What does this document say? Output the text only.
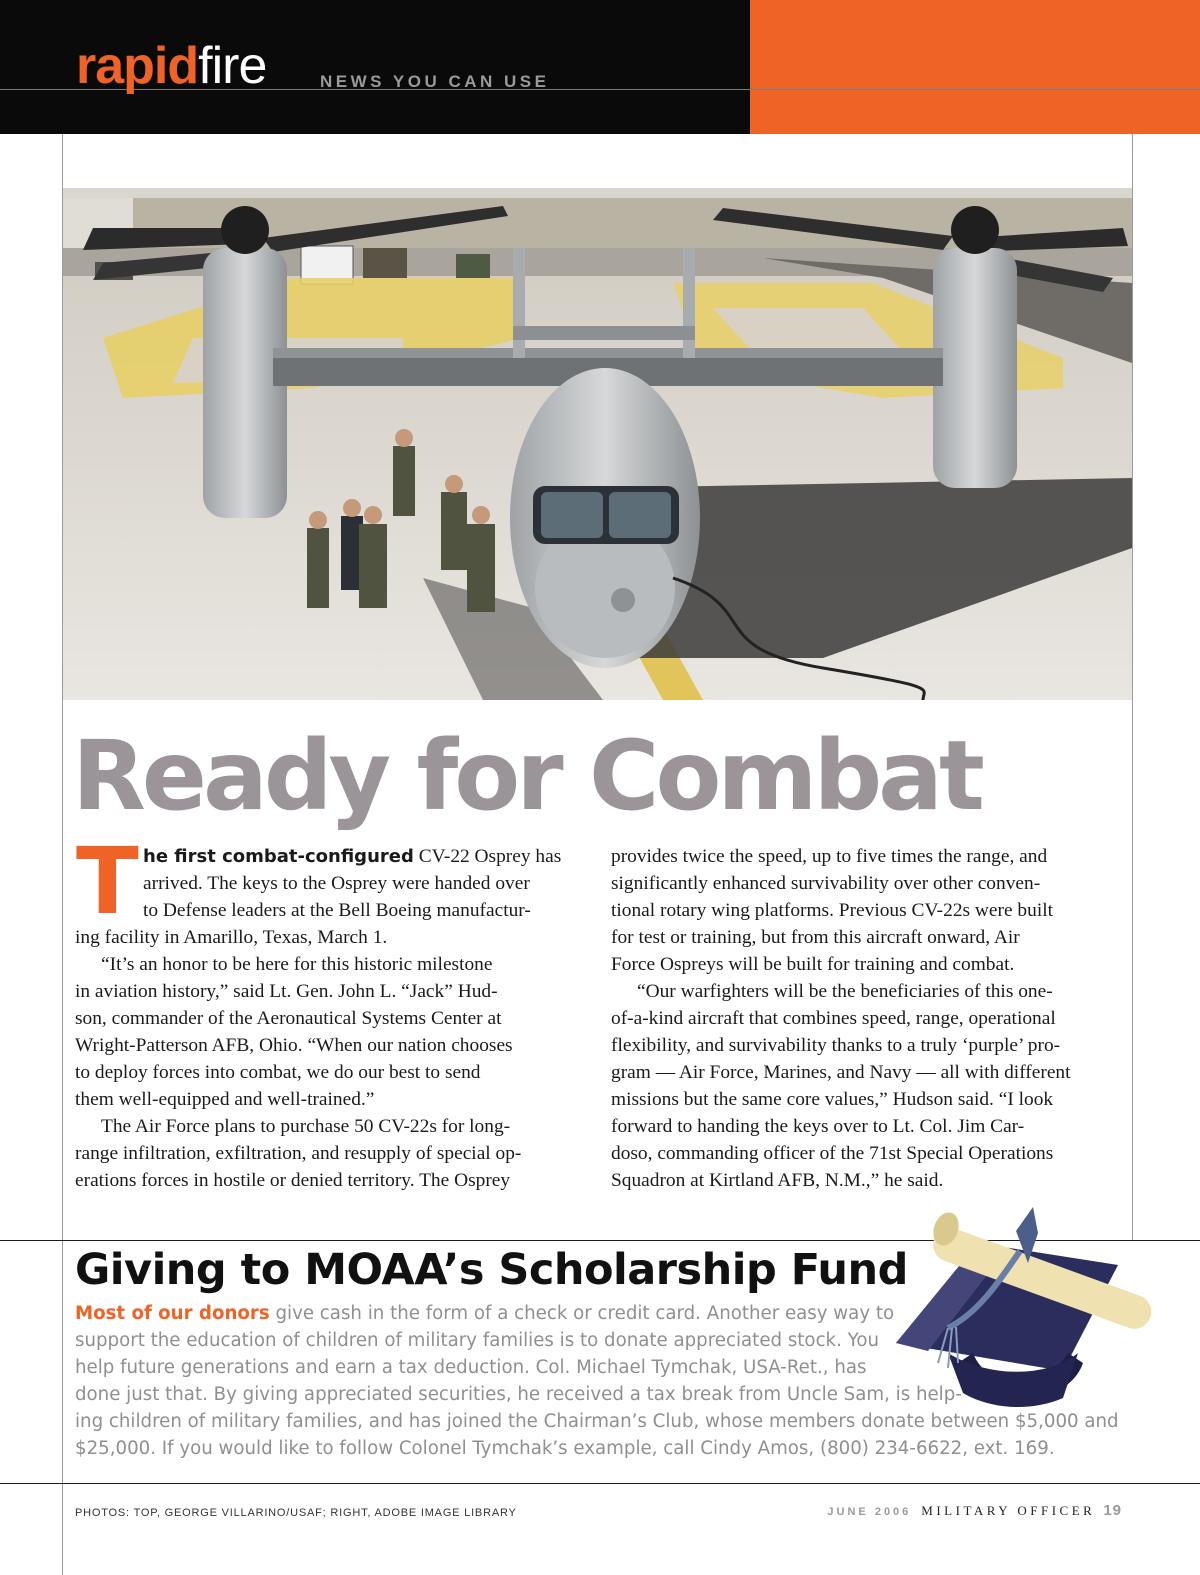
rapidfire	NEWS YOU CAN USE
Ready for Combat
T he first combat-configured CV-22 Osprey has
arrived. The keys to the Osprey were handed over
to Defense leaders at the Bell Boeing manufactur-
ing facility in Amarillo, Texas, March 1.
“It’s an honor to be here for this historic milestone
in aviation history,” said Lt. Gen. John L. “Jack” Hud-
son, commander of the Aeronautical Systems Center at
Wright-Patterson AFB, Ohio. “When our nation chooses
to deploy forces into combat, we do our best to send
them well-equipped and well-trained.”
The Air Force plans to purchase 50 CV-22s for long-
range infiltration, exfiltration, and resupply of special op-
erations forces in hostile or denied territory. The Osprey
provides twice the speed, up to five times the range, and
significantly enhanced survivability over other conven-
tional rotary wing platforms. Previous CV-22s were built
for test or training, but from this aircraft onward, Air
Force Ospreys will be built for training and combat.
“Our warfighters will be the beneficiaries of this one-
of-a-kind aircraft that combines speed, range, operational
flexibility, and survivability thanks to a truly ‘purple’ pro-
gram — Air Force, Marines, and Navy — all with different
missions but the same core values,” Hudson said. “I look
forward to handing the keys over to Lt. Col. Jim Car-
doso, commanding officer of the 71st Special Operations
Squadron at Kirtland AFB, N.M.,” he said.
Giving to MOAA’s Scholarship Fund
Most of our donors give cash in the form of a check or credit card. Another easy way to
support the education of children of military families is to donate appreciated stock. You
help future generations and earn a tax deduction. Col. Michael Tymchak, USA-Ret., has
done just that. By giving appreciated securities, he received a tax break from Uncle Sam, is help-
ing children of military families, and has joined the Chairman’s Club, whose members donate between $5,000 and
$25,000. If you would like to follow Colonel Tymchak’s example, call Cindy Amos, (800) 234-6622, ext. 169.
PHOTOS: TOP, GEORGE VILLARINO/USAF; RIGHT, ADOBE IMAGE LIBRARY	JUNE 2006 MILITARY OFFICER 19
